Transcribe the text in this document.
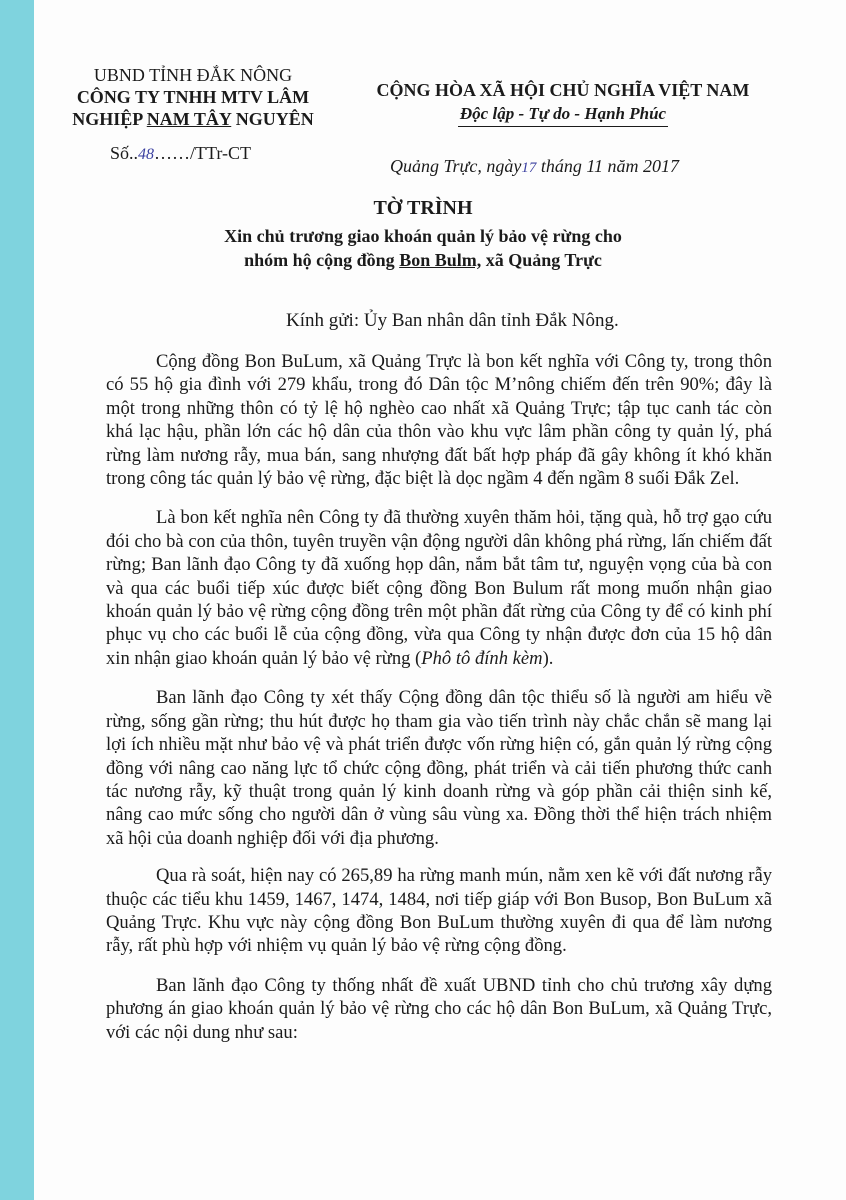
UBND TỈNH ĐẮK NÔNG
CÔNG TY TNHH MTV LÂM
NGHIỆP NAM TÂY NGUYÊN
Số..48……/TTr-CT
CỘNG HÒA XÃ HỘI CHỦ NGHĨA VIỆT NAM
Độc lập - Tự do - Hạnh Phúc
Quảng Trực, ngày17 tháng 11 năm 2017
TỜ TRÌNH
Xin chủ trương giao khoán quản lý bảo vệ rừng cho
nhóm hộ cộng đồng Bon Bulm, xã Quảng Trực
Kính gửi: Ủy Ban nhân dân tỉnh Đắk Nông.

Cộng đồng Bon BuLum, xã Quảng Trực là bon kết nghĩa với Công ty, trong thôn có 55 hộ gia đình với 279 khẩu, trong đó Dân tộc M’nông chiếm đến trên 90%; đây là một trong những thôn có tỷ lệ hộ nghèo cao nhất xã Quảng Trực; tập tục canh tác còn khá lạc hậu, phần lớn các hộ dân của thôn vào khu vực lâm phần công ty quản lý, phá rừng làm nương rẫy, mua bán, sang nhượng đất bất hợp pháp đã gây không ít khó khăn trong công tác quản lý bảo vệ rừng, đặc biệt là dọc ngầm 4 đến ngầm 8 suối Đắk Zel.

Là bon kết nghĩa nên Công ty đã thường xuyên thăm hỏi, tặng quà, hỗ trợ gạo cứu đói cho bà con của thôn, tuyên truyền vận động người dân không phá rừng, lấn chiếm đất rừng; Ban lãnh đạo Công ty đã xuống họp dân, nắm bắt tâm tư, nguyện vọng của bà con và qua các buổi tiếp xúc được biết cộng đồng Bon Bulum rất mong muốn nhận giao khoán quản lý bảo vệ rừng cộng đồng trên một phần đất rừng của Công ty để có kinh phí phục vụ cho các buổi lễ của cộng đồng, vừa qua Công ty nhận được đơn của 15 hộ dân xin nhận giao khoán quản lý bảo vệ rừng (Phô tô đính kèm).

Ban lãnh đạo Công ty xét thấy Cộng đồng dân tộc thiểu số là người am hiểu về rừng, sống gần rừng; thu hút được họ tham gia vào tiến trình này chắc chắn sẽ mang lại lợi ích nhiều mặt như bảo vệ và phát triển được vốn rừng hiện có, gắn quản lý rừng cộng đồng với nâng cao năng lực tổ chức cộng đồng, phát triển và cải tiến phương thức canh tác nương rẫy, kỹ thuật trong quản lý kinh doanh rừng và góp phần cải thiện sinh kế, nâng cao mức sống cho người dân ở vùng sâu vùng xa. Đồng thời thể hiện trách nhiệm xã hội của doanh nghiệp đối với địa phương.

Qua rà soát, hiện nay có 265,89 ha rừng manh mún, nằm xen kẽ với đất nương rẫy thuộc các tiểu khu 1459, 1467, 1474, 1484, nơi tiếp giáp với Bon Busop, Bon BuLum xã Quảng Trực. Khu vực này cộng đồng Bon BuLum thường xuyên đi qua để làm nương rẫy, rất phù hợp với nhiệm vụ quản lý bảo vệ rừng cộng đồng.

Ban lãnh đạo Công ty thống nhất đề xuất UBND tỉnh cho chủ trương xây dựng phương án giao khoán quản lý bảo vệ rừng cho các hộ dân Bon BuLum, xã Quảng Trực, với các nội dung như sau:
